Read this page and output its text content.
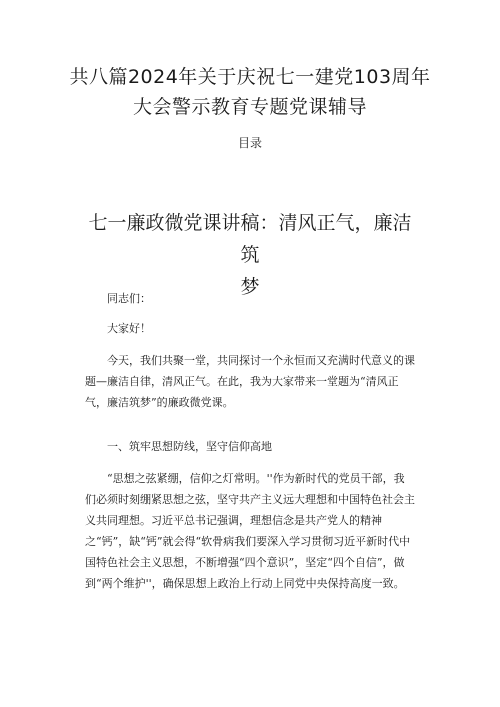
共八篇2024年关于庆祝七一建党103周年
大会警示教育专题党课辅导
目录
七一廉政微党课讲稿：清风正气，廉洁筑
梦

同志们：

大家好！

今天，我们共聚一堂，共同探讨一个永恒而又充满时代意义的课题—廉洁自律，清风正气。在此，我为大家带来一堂题为“清风正气，廉洁筑梦”的廉政微党课。

一、筑牢思想防线，坚守信仰高地

“思想之弦紧绷，信仰之灯常明。''作为新时代的党员干部，我们必须时刻绷紧思想之弦，坚守共产主义远大理想和中国特色社会主义共同理想。习近平总书记强调，理想信念是共产党人的精神之“钙”，缺“钙”就会得“软骨病我们要深入学习贯彻习近平新时代中国特色社会主义思想，不断增强“四个意识”，坚定“四个自信”，做到“两个维护''，确保思想上政治上行动上同党中央保持高度一致。
